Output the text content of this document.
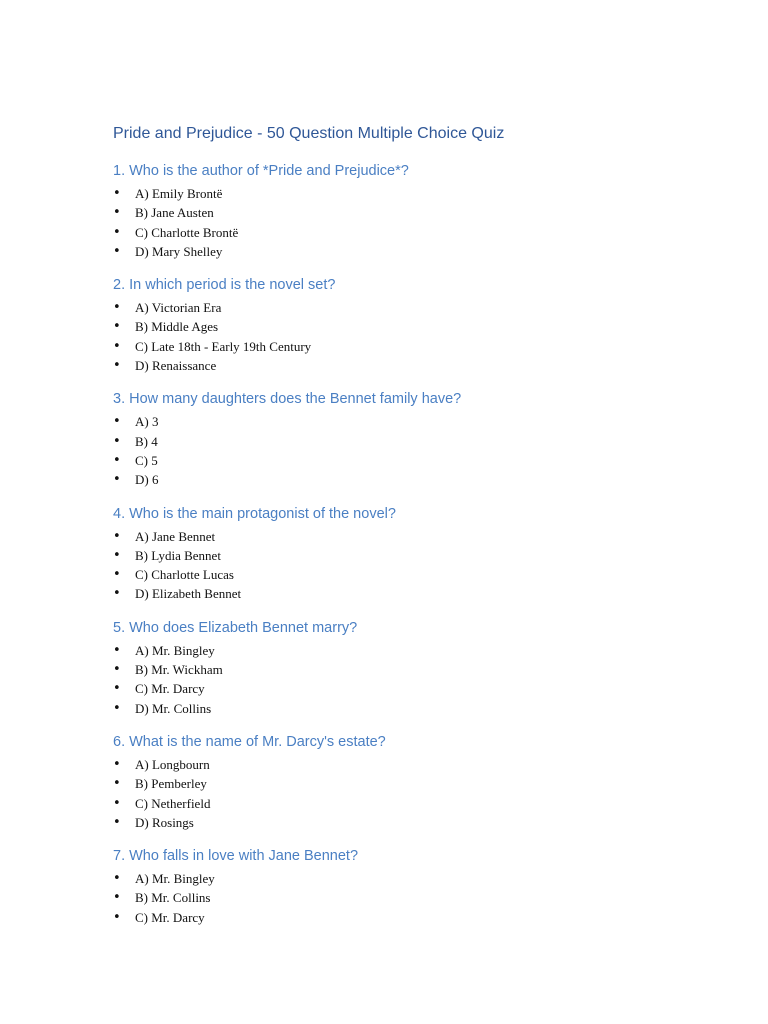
Pride and Prejudice - 50 Question Multiple Choice Quiz
1. Who is the author of *Pride and Prejudice*?
• A) Emily Brontë
• B) Jane Austen
• C) Charlotte Brontë
• D) Mary Shelley
2. In which period is the novel set?
• A) Victorian Era
• B) Middle Ages
• C) Late 18th - Early 19th Century
• D) Renaissance
3. How many daughters does the Bennet family have?
• A) 3
• B) 4
• C) 5
• D) 6
4. Who is the main protagonist of the novel?
• A) Jane Bennet
• B) Lydia Bennet
• C) Charlotte Lucas
• D) Elizabeth Bennet
5. Who does Elizabeth Bennet marry?
• A) Mr. Bingley
• B) Mr. Wickham
• C) Mr. Darcy
• D) Mr. Collins
6. What is the name of Mr. Darcy's estate?
• A) Longbourn
• B) Pemberley
• C) Netherfield
• D) Rosings
7. Who falls in love with Jane Bennet?
• A) Mr. Bingley
• B) Mr. Collins
• C) Mr. Darcy
